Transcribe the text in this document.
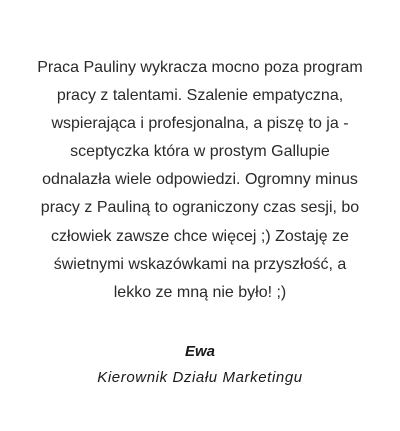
Praca Pauliny wykracza mocno poza program
pracy z talentami. Szalenie empatyczna,
wspierająca i profesjonalna, a piszę to ja -
sceptyczka która w prostym Gallupie
odnalazła wiele odpowiedzi. Ogromny minus
pracy z Pauliną to ograniczony czas sesji, bo
człowiek zawsze chce więcej ;) Zostaję ze
świetnymi wskazówkami na przyszłość, a
lekko ze mną nie było! ;)
Ewa
Kierownik Działu Marketingu
